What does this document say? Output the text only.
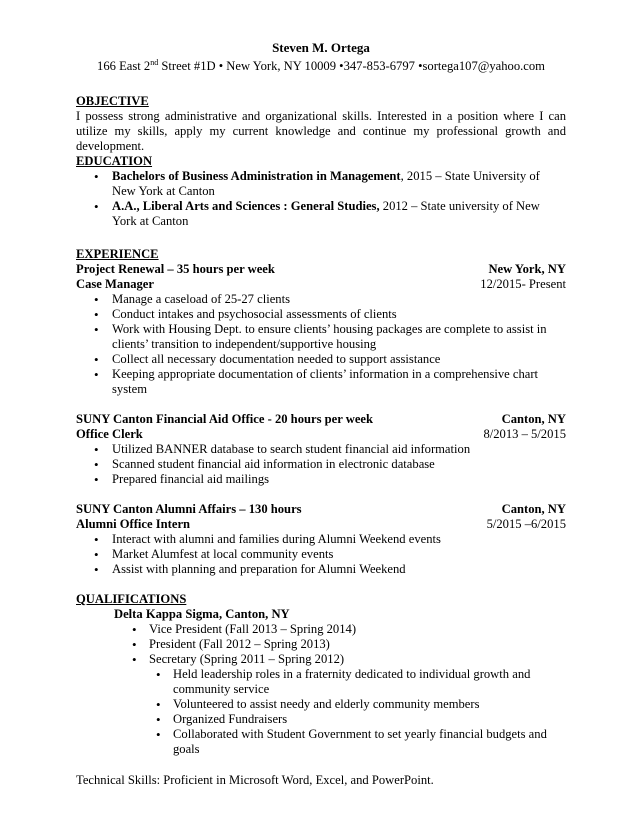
Steven M. Ortega
166 East 2nd Street #1D • New York, NY 10009 •347-853-6797 •sortega107@yahoo.com
OBJECTIVE
I possess strong administrative and organizational skills. Interested in a position where I can utilize my skills, apply my current knowledge and continue my professional growth and development.
EDUCATION
• Bachelors of Business Administration in Management, 2015 – State University of New York at Canton
• A.A., Liberal Arts and Sciences : General Studies, 2012 – State university of New York at Canton
EXPERIENCE
Project Renewal – 35 hours per week	New York, NY
Case Manager	12/2015- Present
• Manage a caseload of 25-27 clients
• Conduct intakes and psychosocial assessments of clients
• Work with Housing Dept. to ensure clients’ housing packages are complete to assist in clients’ transition to independent/supportive housing
• Collect all necessary documentation needed to support assistance
• Keeping appropriate documentation of clients’ information in a comprehensive chart system
SUNY Canton Financial Aid Office - 20 hours per week	Canton, NY
Office Clerk	8/2013 – 5/2015
• Utilized BANNER database to search student financial aid information
• Scanned student financial aid information in electronic database
• Prepared financial aid mailings
SUNY Canton Alumni Affairs – 130 hours	Canton, NY
Alumni Office Intern	5/2015 –6/2015
• Interact with alumni and families during Alumni Weekend events
• Market Alumfest at local community events
• Assist with planning and preparation for Alumni Weekend
QUALIFICATIONS
Delta Kappa Sigma, Canton, NY
• Vice President (Fall 2013 – Spring 2014)
• President (Fall 2012 – Spring 2013)
• Secretary (Spring 2011 – Spring 2012)
• Held leadership roles in a fraternity dedicated to individual growth and community service
• Volunteered to assist needy and elderly community members
• Organized Fundraisers
• Collaborated with Student Government to set yearly financial budgets and goals
Technical Skills: Proficient in Microsoft Word, Excel, and PowerPoint.
